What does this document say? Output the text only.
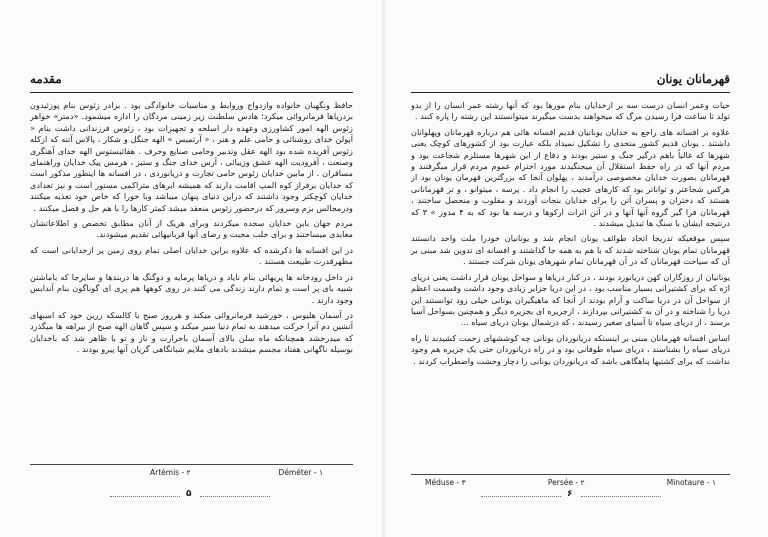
مقدمه

حافظ ونگهبان خانواده وازدواج وروابط و مناسبات خانوادگی بود . برادر زئوس بنام پوزئیدون بردریاها فرمانروائی میکرد؛ هادس سلطنت زیر زمینی مردگان را اداره میشمود. «دمتر» خواهر زئوس الهه امور کشاورزی وعهده دار اسلحه و تجهیزات بود ، زئوس فرزندانی داشت بنام « آپولن خدای روشنائی و حامی علم و هنر ، « آرتمیس » الهه جنگل و شکار ، پالاس آتنه که ازکله زئوس آفریده شده بود الهه عقل وتدبیر وحامی صنایع وحرف . هفائیستوس الهه خدای آهنگری وصنعت ، آفرودیت الهه عشق وزیبائی ، آرس خدای جنگ و ستیز ، هرمس پیک خدایان وراهنمای مسافران . از مابین خدایان زئوس حامی تجارت و دریانوردی ، در افسانه ها اینطور مذکور است که خدایان برفراز کوه المپ اقامت دارند که همیشه ابرهای متراکمی مستور است و نیز تعدادی خدایان کوچکتر وجود داشتند که دراین دنیای پنهان میباشد وبا خورا که خاص خود تغذیه میکنند ودرمجالس بزم وسرور که درحضور زئوس منعقد میشد کمتر کارها را با هم حل و فصل میکنند .

مردم جهان باین خدایان سجده میکردند وبرای هریک از آنان مطابق تخصص و اطلاعاتشان معابدی میساختند و برای جلب محبت و رضای آنها قربانیهائی تقدیم میشودند.

در این افسانه ها ذکرشده که علاوه براین خدایان اصلی تمام روی زمین پر ازخدایانی است که مظهرقدرت طبیعت هستند .

در داخل رودخانه ها پریهائی بنام نایاد و دریاها پرمایه و دوگنگ ها دربندها و سایرجا که باماشتن شبیه بای پر است و تمام دارند زندگی می کنند در روی کوهها هم پری ای گوناگون بنام آندایس وجود دارند .

در آسمان هلیوس ، خورشید فرمانروائی میکند و هرروز صبح با کالسکه زرین خود که اسبهای آتشین دم آنرا حرکت میدهند به تمام دنیا سیر میکند و سپس گاهان الهه صبح از بیراهه ها میگذرد که میدرخشد همچنانکه ماه سلن بالای آسمان باحرارت و ناز و تو با ظاهر شد که باخدایان بوسیله ناگهانی هفتاد مجسم میشدند بادهای ملایم شبانگاهی گریان آنها پیرو بودند .

Artémis - ۲	Déméter - ۱
۵
قهرمانان یونان

حیات وعمر انسان درست سه بر ازخدایان بنام مورها بود که آنها رشته عمر انسان را از بدو تولد تا ساعت فرا رسیدن مرگ که میخواهند بدست میگیرند میتوانستند این رشته را پاره کنند .

علاوه بر افسانه های راجع به خدایان یونانیان قدیم افسانه هائی هم درباره قهرمانان وپهلوانان داشتند . یونان قدیم کشور متحدی را تشکیل نمیداد بلکه عبارت بود از کشورهای کوچک یعنی شهرها که غالباً باهم درگیر جنگ و ستیز بودند و دفاع از این شهرها مستلزم شجاعت بود و مردم آنها که در راه حفظ استقلال آن میجنگیدند مورد احترام عموم مردم قرار میگرفتند و قهرمانان بصورت خدایان مخصوصی درآمدند ، پهلوان آنجا که بزرگترین قهرمان یونان بود از هرکس شجاعتر و تواناتر بود که کارهای عجیب را انجام داد . پرسه ، میتوانو ، و تز قهرمانانی هستند که دختران و پسران آتن را برای خدایان بنجات آوردند و مقلوب و منحصل ساختند ، قهرمانان فرا گیر گروه آنها آنها و در آتن اثرات ارکوها و درسه ها بود که به ۴ مدوز » ۳ که درنتیجه ایشان با سنگ ها تبدیل میشدند .

سپس موقعیکه تدریجا اتحاد طوائف یونان انجام شد و یونانیان خودرا ملت واحد دانستند قهرمانان تمام یونان شناخته شدند که با هم به همه جا گذاشتند و افسانه ای تدوین شد مبنی بر آن که سیاحت قهرمانان که در آن قهرمانان تمام شهرهای یونان شرکت جستند .

یونانیان از روزگاران کهن دریانورد بودند ، در کنار دریاها و سواحل یونان قرار داشت یعنی دریای اژه که برای کشتیرانی بسیار مناسب بود ، در این دریا جزایر زیادی وجود داشت وقسمت اعظم از سواحل آن در دریا ساکت و آرام بودند از آنجا که ماهیگیران یونانی خیلی زود توانستند این دریا را شناخته و در آن به کشتیرانی بپردازند ، ازجزیره ای بجزیره دیگر و همچنین بسواحل آسیا برسند ، از دریای سیاه تا آسیای صغیر رسیدند ، که درشمال یونان دریای سیاه ...

اساس افسانه قهرمانان مبنی بر اینستکه دریانوردان یونانی چه کوششهای زحمت کشیدند تا راه دریای سیاه را بشناسند ، دریای سیاه طوفانی بود و در راه دریانوردان حتی یک جزیره هم وجود نداشت که برای کشتیها پناهگاهی باشد که دریانوردان یونانی را دچار وحشت واضطراب کردند .

Méduse - ۳	Persée - ۲	Minotaure - ۱
۶
